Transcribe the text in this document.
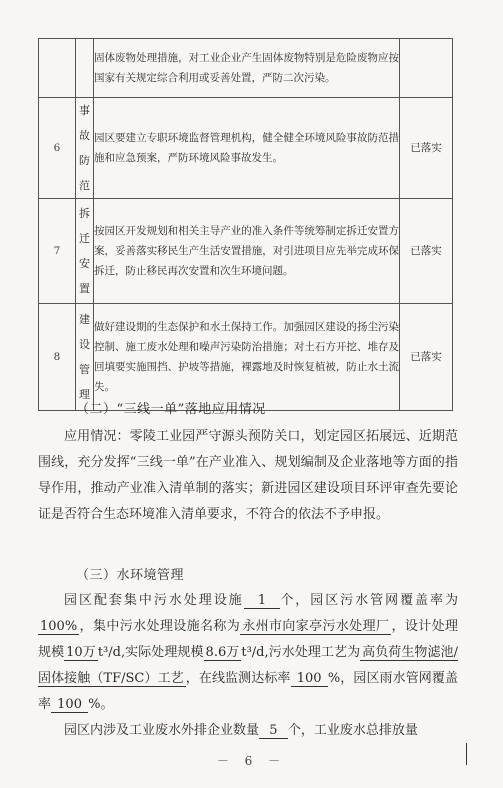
		固体废物处理措施，对工业企业产生固体废物特别是危险废物应按国家有关规定综合利用或妥善处置，严防二次污染。	
6	事
故
防
范	园区要建立专职环境监督管理机构，健全健全环境风险事故防范措施和应急预案，严防环境风险事故发生。	已落实
7	拆
迁
安
置	按园区开发规划和相关主导产业的准入条件等统筹制定拆迁安置方案，妥善落实移民生产生活安置措施，对引进项目应先举完成环保拆迁，防止移民再次安置和次生环境问题。	已落实
8	建
设
管
理	做好建设期的生态保护和水土保持工作。加强园区建设的扬尘污染控制、施工废水处理和噪声污染防治措施；对土石方开挖、堆存及回填要实施围挡、护坡等措施，裸露地及时恢复植被，防止水土流失。	已落实
（二）“三线一单”落地应用情况
应用情况：零陵工业园严守源头预防关口，划定园区拓展远、近期范围线，充分发挥“三线一单”在产业准入、规划编制及企业落地等方面的指导作用，推动产业准入清单制的落实；新进园区建设项目环评审查先要论证是否符合生态环境准入清单要求，不符合的依法不予申报。
（三）水环境管理
园区配套集中污水处理设施 1 个，园区污水管网覆盖率为100% ，集中污水处理设施名称为 永州市向家亭污水处理厂 ，设计处理规模 10万 t³/d,实际处理规模 8.6万 t³/d,污水处理工艺为 高负荷生物滤池/固体接触（TF/SC）工艺 ，在线监测达标率 100 %，园区雨水管网覆盖率 100 %。
园区内涉及工业废水外排企业数量 5 个，工业废水总排放量
－ 6 －
